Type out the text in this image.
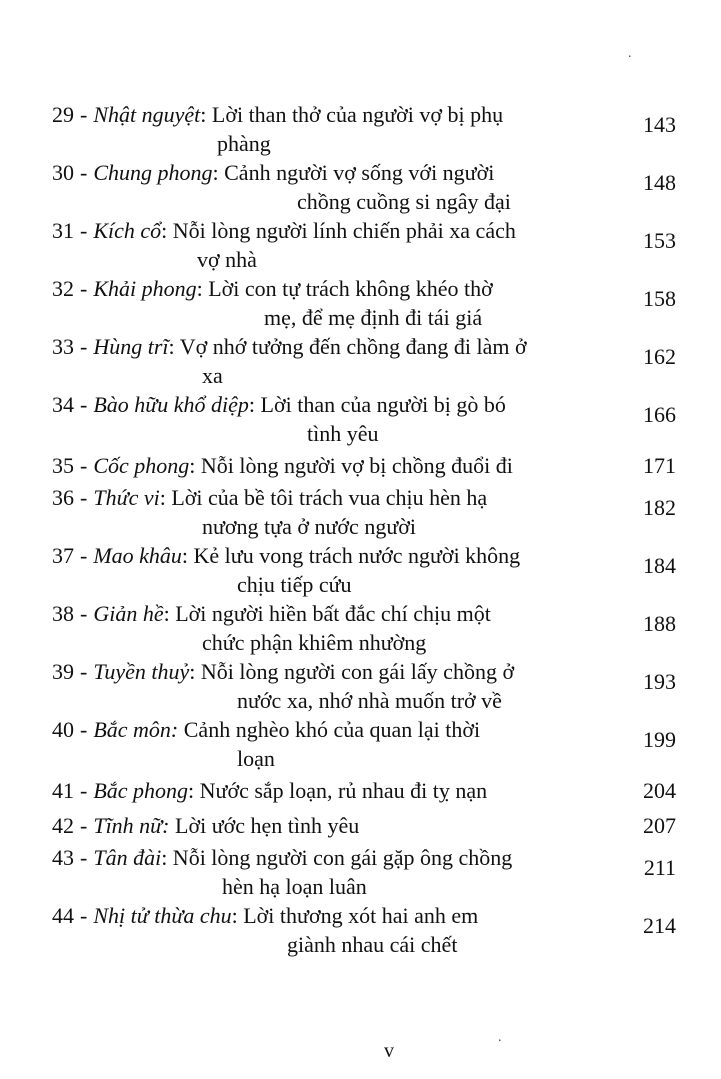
29 - Nhật nguyệt: Lời than thở của người vợ bị phụ
phàng
143
30 - Chung phong: Cảnh người vợ sống với người
chồng cuồng si ngây đại
148
31 - Kích cổ: Nỗi lòng người lính chiến phải xa cách
vợ nhà
153
32 - Khải phong: Lời con tự trách không khéo thờ
mẹ, để mẹ định đi tái giá
158
33 - Hùng trĩ: Vợ nhớ tưởng đến chồng đang đi làm ở
xa
162
34 - Bào hữu khổ diệp: Lời than của người bị gò bó
tình yêu
166
35 - Cốc phong: Nỗi lòng người vợ bị chồng đuổi đi	171
36 - Thức vi: Lời của bề tôi trách vua chịu hèn hạ
nương tựa ở nước người
182
37 - Mao khâu: Kẻ lưu vong trách nước người không
chịu tiếp cứu
184
38 - Giản hề: Lời người hiền bất đắc chí chịu một
chức phận khiêm nhường
188
39 - Tuyền thuỷ: Nỗi lòng người con gái lấy chồng ở
nước xa, nhớ nhà muốn trở về
193
40 - Bắc môn: Cảnh nghèo khó của quan lại thời
loạn
199
41 - Bắc phong: Nước sắp loạn, rủ nhau đi tỵ nạn	204
42 - Tĩnh nữ: Lời ước hẹn tình yêu	207
43 - Tân đài: Nỗi lòng người con gái gặp ông chồng
hèn hạ loạn luân
211
44 - Nhị tử thừa chu: Lời thương xót hai anh em
giành nhau cái chết
214
v
.
.
